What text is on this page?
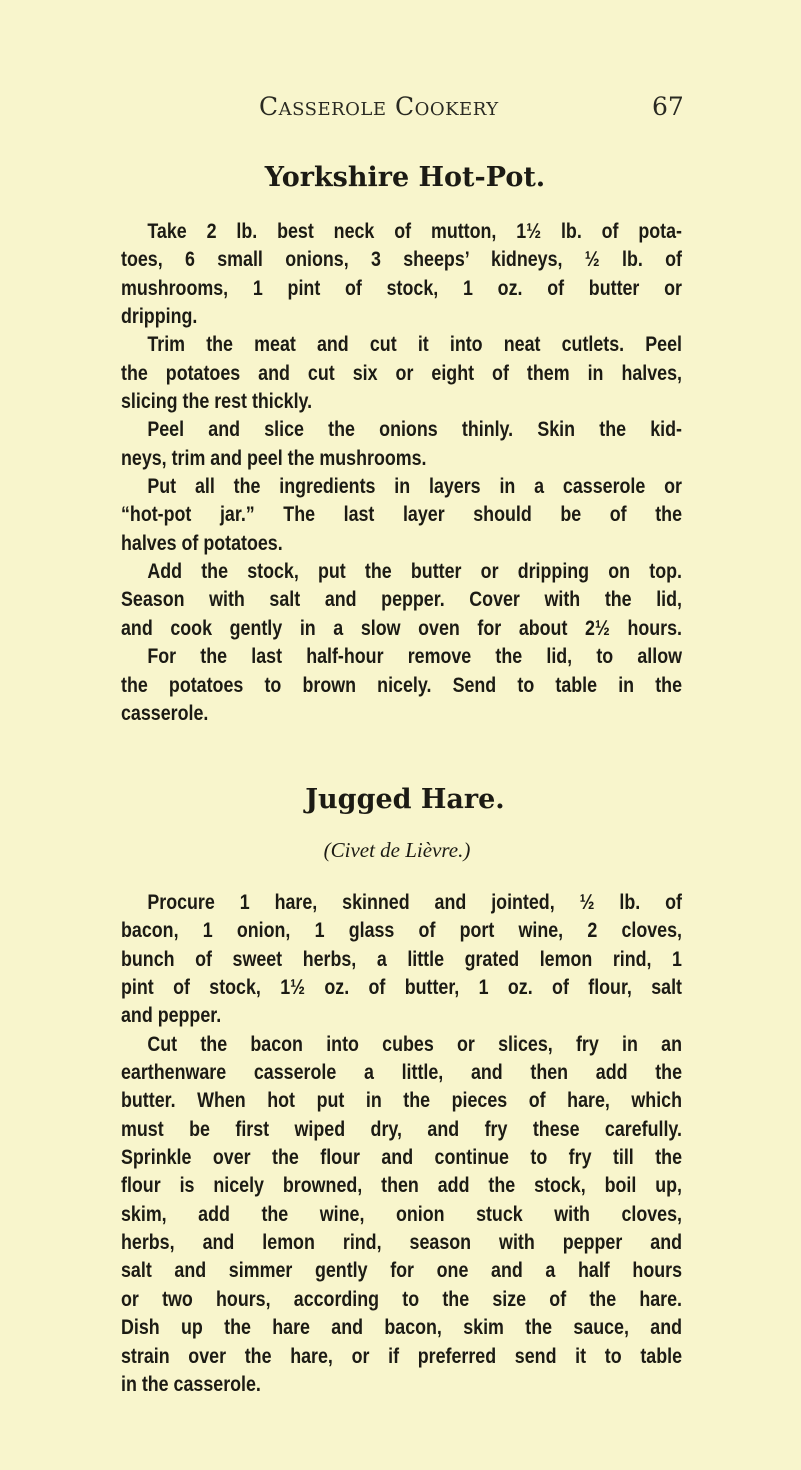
Casserole Cookery	67
Yorkshire Hot-Pot.
Take 2 lb. best neck of mutton, 1½ lb. of pota-
toes, 6 small onions, 3 sheeps’ kidneys, ½ lb. of
mushrooms, 1 pint of stock, 1 oz. of butter or
dripping.
Trim the meat and cut it into neat cutlets. Peel
the potatoes and cut six or eight of them in halves,
slicing the rest thickly.
Peel and slice the onions thinly. Skin the kid-
neys, trim and peel the mushrooms.
Put all the ingredients in layers in a casserole or
“hot-pot jar.” The last layer should be of the
halves of potatoes.
Add the stock, put the butter or dripping on top.
Season with salt and pepper. Cover with the lid,
and cook gently in a slow oven for about 2½ hours.
For the last half-hour remove the lid, to allow
the potatoes to brown nicely. Send to table in the
casserole.
Jugged Hare.
(Civet de Lièvre.)
Procure 1 hare, skinned and jointed, ½ lb. of
bacon, 1 onion, 1 glass of port wine, 2 cloves,
bunch of sweet herbs, a little grated lemon rind, 1
pint of stock, 1½ oz. of butter, 1 oz. of flour, salt
and pepper.
Cut the bacon into cubes or slices, fry in an
earthenware casserole a little, and then add the
butter. When hot put in the pieces of hare, which
must be first wiped dry, and fry these carefully.
Sprinkle over the flour and continue to fry till the
flour is nicely browned, then add the stock, boil up,
skim, add the wine, onion stuck with cloves,
herbs, and lemon rind, season with pepper and
salt and simmer gently for one and a half hours
or two hours, according to the size of the hare.
Dish up the hare and bacon, skim the sauce, and
strain over the hare, or if preferred send it to table
in the casserole.
